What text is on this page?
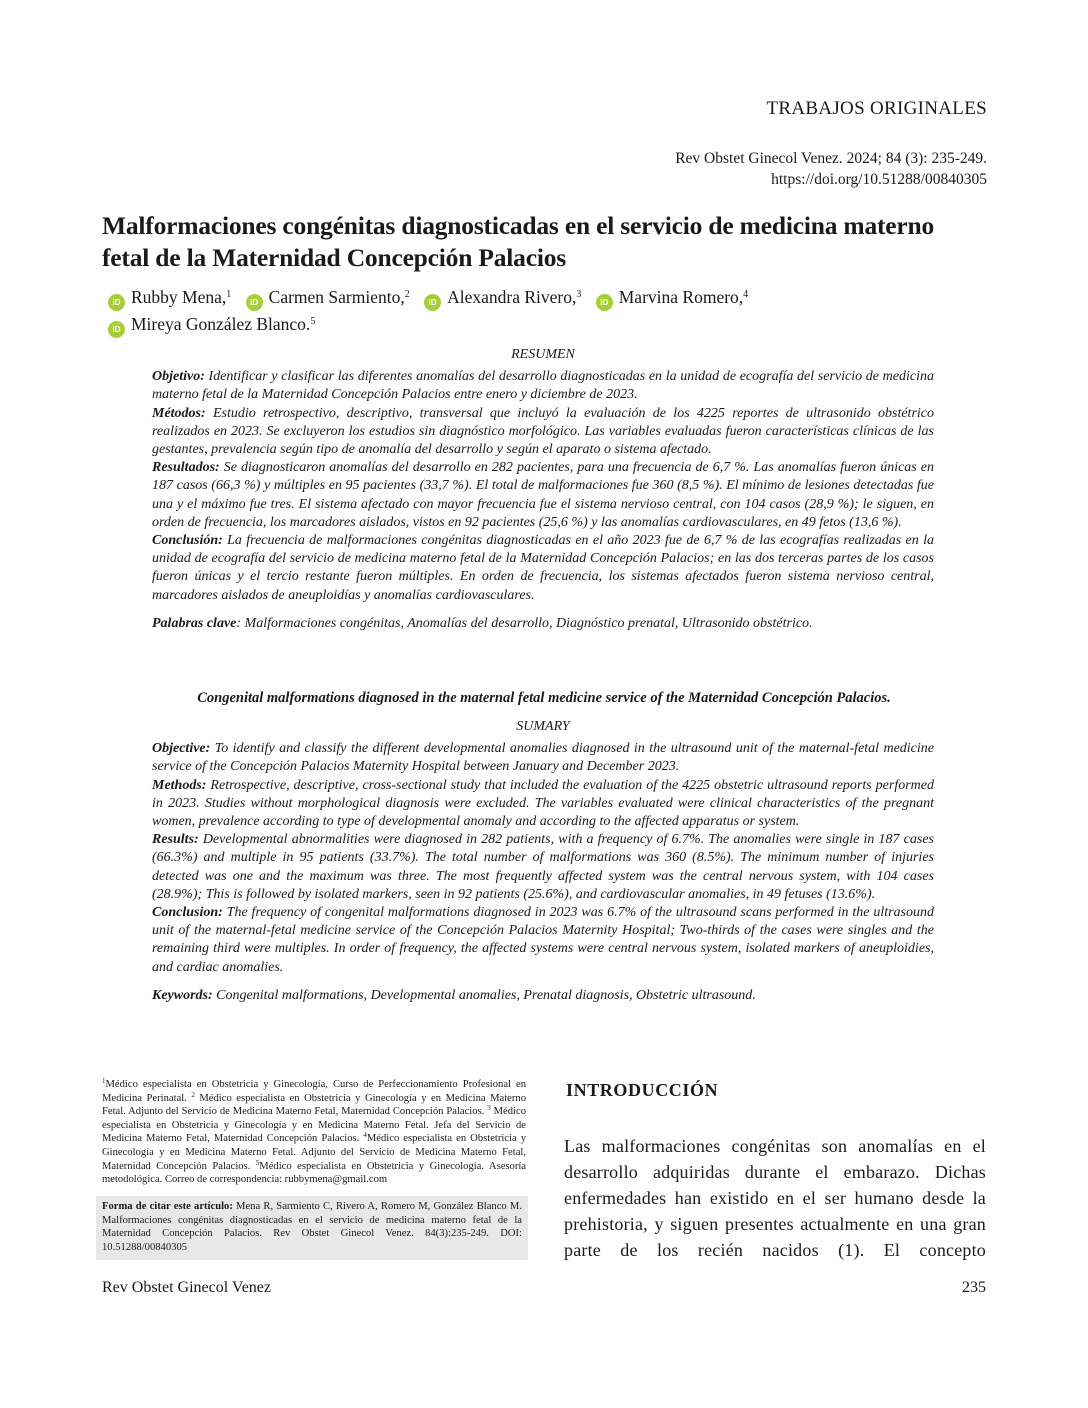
TRABAJOS ORIGINALES
Rev Obstet Ginecol Venez. 2024; 84 (3): 235-249.
https://doi.org/10.51288/00840305
Malformaciones congénitas diagnosticadas en el servicio de medicina materno fetal de la Maternidad Concepción Palacios
iD Rubby Mena,$^1$ iD Carmen Sarmiento,$^2$ iD Alexandra Rivero,$^3$ iD Marvina Romero,$^4$
iD Mireya González Blanco.$^5$
RESUMEN

Objetivo: Identificar y clasificar las diferentes anomalías del desarrollo diagnosticadas en la unidad de ecografía del servicio de medicina materno fetal de la Maternidad Concepción Palacios entre enero y diciembre de 2023.

Métodos: Estudio retrospectivo, descriptivo, transversal que incluyó la evaluación de los 4225 reportes de ultrasonido obstétrico realizados en 2023. Se excluyeron los estudios sin diagnóstico morfológico. Las variables evaluadas fueron características clínicas de las gestantes, prevalencia según tipo de anomalía del desarrollo y según el aparato o sistema afectado.

Resultados: Se diagnosticaron anomalías del desarrollo en 282 pacientes, para una frecuencia de 6,7 %. Las anomalías fueron únicas en 187 casos (66,3 %) y múltiples en 95 pacientes (33,7 %). El total de malformaciones fue 360 (8,5 %). El mínimo de lesiones detectadas fue una y el máximo fue tres. El sistema afectado con mayor frecuencia fue el sistema nervioso central, con 104 casos (28,9 %); le siguen, en orden de frecuencia, los marcadores aislados, vistos en 92 pacientes (25,6 %) y las anomalías cardiovasculares, en 49 fetos (13,6 %).

Conclusión: La frecuencia de malformaciones congénitas diagnosticadas en el año 2023 fue de 6,7 % de las ecografías realizadas en la unidad de ecografía del servicio de medicina materno fetal de la Maternidad Concepción Palacios; en las dos terceras partes de los casos fueron únicas y el tercio restante fueron múltiples. En orden de frecuencia, los sistemas afectados fueron sistema nervioso central, marcadores aislados de aneuploidías y anomalías cardiovasculares.

Palabras clave: Malformaciones congénitas, Anomalías del desarrollo, Diagnóstico prenatal, Ultrasonido obstétrico.

Congenital malformations diagnosed in the maternal fetal medicine service of the Maternidad Concepción Palacios.
SUMARY

Objective: To identify and classify the different developmental anomalies diagnosed in the ultrasound unit of the maternal-fetal medicine service of the Concepción Palacios Maternity Hospital between January and December 2023.

Methods: Retrospective, descriptive, cross-sectional study that included the evaluation of the 4225 obstetric ultrasound reports performed in 2023. Studies without morphological diagnosis were excluded. The variables evaluated were clinical characteristics of the pregnant women, prevalence according to type of developmental anomaly and according to the affected apparatus or system.

Results: Developmental abnormalities were diagnosed in 282 patients, with a frequency of 6.7%. The anomalies were single in 187 cases (66.3%) and multiple in 95 patients (33.7%). The total number of malformations was 360 (8.5%). The minimum number of injuries detected was one and the maximum was three. The most frequently affected system was the central nervous system, with 104 cases (28.9%); This is followed by isolated markers, seen in 92 patients (25.6%), and cardiovascular anomalies, in 49 fetuses (13.6%).

Conclusion: The frequency of congenital malformations diagnosed in 2023 was 6.7% of the ultrasound scans performed in the ultrasound unit of the maternal-fetal medicine service of the Concepción Palacios Maternity Hospital; Two-thirds of the cases were singles and the remaining third were multiples. In order of frequency, the affected systems were central nervous system, isolated markers of aneuploidies, and cardiac anomalies.

Keywords: Congenital malformations, Developmental anomalies, Prenatal diagnosis, Obstetric ultrasound.

$^1$Médico especialista en Obstetricia y Ginecología, Curso de Perfeccionamiento Profesional en Medicina Perinatal. $^2$ Médico especialista en Obstetricia y Ginecología y en Medicina Materno Fetal. Adjunto del Servicio de Medicina Materno Fetal, Maternidad Concepción Palacios. $^3$ Médico especialista en Obstetricia y Ginecología y en Medicina Materno Fetal. Jefa del Servicio de Medicina Materno Fetal, Maternidad Concepción Palacios. $^4$Médico especialista en Obstetricia y Ginecología y en Medicina Materno Fetal. Adjunto del Servicio de Medicina Materno Fetal, Maternidad Concepción Palacios. $^5$Médico especialista en Obstetricia y Ginecología. Asesoría metodológica. Correo de correspondencia: rubbymena@gmail.com
Forma de citar este artículo: Mena R, Sarmiento C, Rivero A, Romero M, González Blanco M. Malformaciones congénitas diagnosticadas en el servicio de medicina materno fetal de la Maternidad Concepción Palacios. Rev Obstet Ginecol Venez. 84(3):235-249. DOI: 10.51288/00840305
INTRODUCCIÓN
Las malformaciones congénitas son anomalías en el desarrollo adquiridas durante el embarazo. Dichas enfermedades han existido en el ser humano desde la prehistoria, y siguen presentes actualmente en una gran parte de los recién nacidos (1). El concepto
Rev Obstet Ginecol Venez	235
